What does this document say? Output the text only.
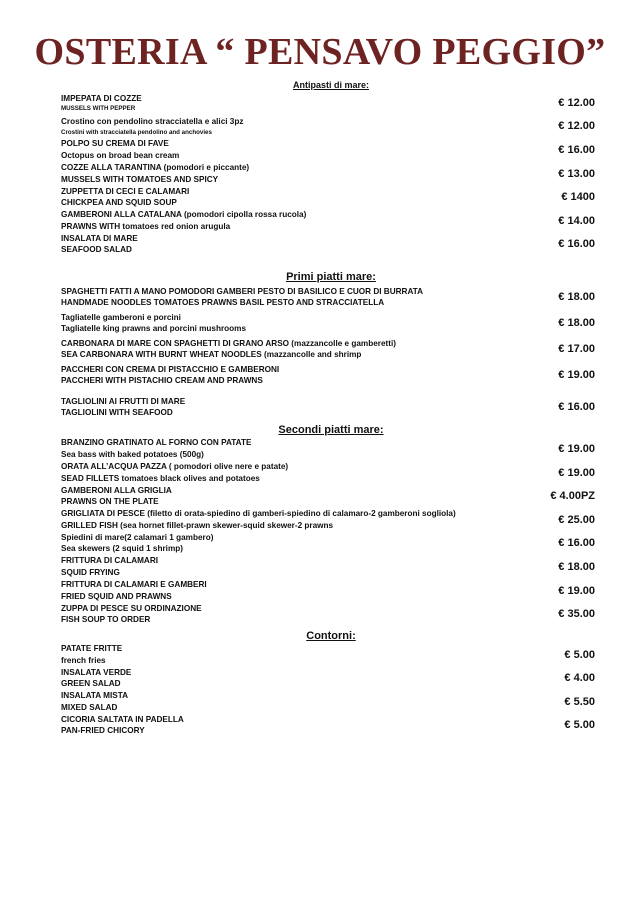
OSTERIA “ PENSAVO PEGGIO”
Antipasti di mare:
IMPEPATA DI COZZE
MUSSELS WITH PEPPER	€ 12.00
Crostino con pendolino stracciatella e alici 3pz
Crostini with stracciatella pendolino and anchovies	€ 12.00
POLPO SU CREMA DI FAVE
Octopus on broad bean cream	€ 16.00
COZZE ALLA TARANTINA (pomodori e piccante)
MUSSELS WITH TOMATOES AND SPICY	€ 13.00
ZUPPETTA DI CECI E CALAMARI
CHICKPEA AND SQUID SOUP	€ 1400
GAMBERONI ALLA CATALANA (pomodori cipolla rossa rucola)
PRAWNS WITH tomatoes red onion arugula	€ 14.00
INSALATA DI MARE
SEAFOOD SALAD	€ 16.00
Primi piatti mare:
SPAGHETTI FATTI A MANO POMODORI GAMBERI PESTO DI BASILICO E CUOR DI BURRATA
HANDMADE NOODLES TOMATOES PRAWNS BASIL PESTO AND STRACCIATELLA	€ 18.00
Tagliatelle gamberoni e porcini
Tagliatelle king prawns and porcini mushrooms	€ 18.00
CARBONARA DI MARE CON SPAGHETTI DI GRANO ARSO (mazzancolle e gamberetti)
SEA CARBONARA WITH BURNT WHEAT NOODLES (mazzancolle and shrimp	€ 17.00
PACCHERI CON CREMA DI PISTACCHIO E GAMBERONI
PACCHERI WITH PISTACHIO CREAM AND PRAWNS	€ 19.00
TAGLIOLINI AI FRUTTI DI MARE
TAGLIOLINI WITH SEAFOOD	€ 16.00
Secondi piatti mare:
BRANZINO GRATINATO AL FORNO CON PATATE
Sea bass with baked potatoes (500g)	€ 19.00
ORATA ALL’ACQUA PAZZA ( pomodori olive nere e patate)
SEAD FILLETS tomatoes black olives and potatoes	€ 19.00
GAMBERONI ALLA GRIGLIA
PRAWNS ON THE PLATE	€ 4.00PZ
GRIGLIATA DI PESCE (filetto di orata-spiedino di gamberi-spiedino di calamaro-2 gamberoni sogliola)
GRILLED FISH (sea hornet fillet-prawn skewer-squid skewer-2 prawns	€ 25.00
Spiedini di mare(2 calamari 1 gambero)
Sea skewers (2 squid 1 shrimp)	€ 16.00
FRITTURA DI CALAMARI
SQUID FRYING	€ 18.00
FRITTURA DI CALAMARI E GAMBERI
FRIED SQUID AND PRAWNS	€ 19.00
ZUPPA DI PESCE SU ORDINAZIONE
FISH SOUP TO ORDER	€ 35.00
Contorni:
PATATE FRITTE
french fries	€ 5.00
INSALATA VERDE
GREEN SALAD	€ 4.00
INSALATA MISTA
MIXED SALAD	€ 5.50
CICORIA SALTATA IN PADELLA
PAN-FRIED CHICORY	€ 5.00
